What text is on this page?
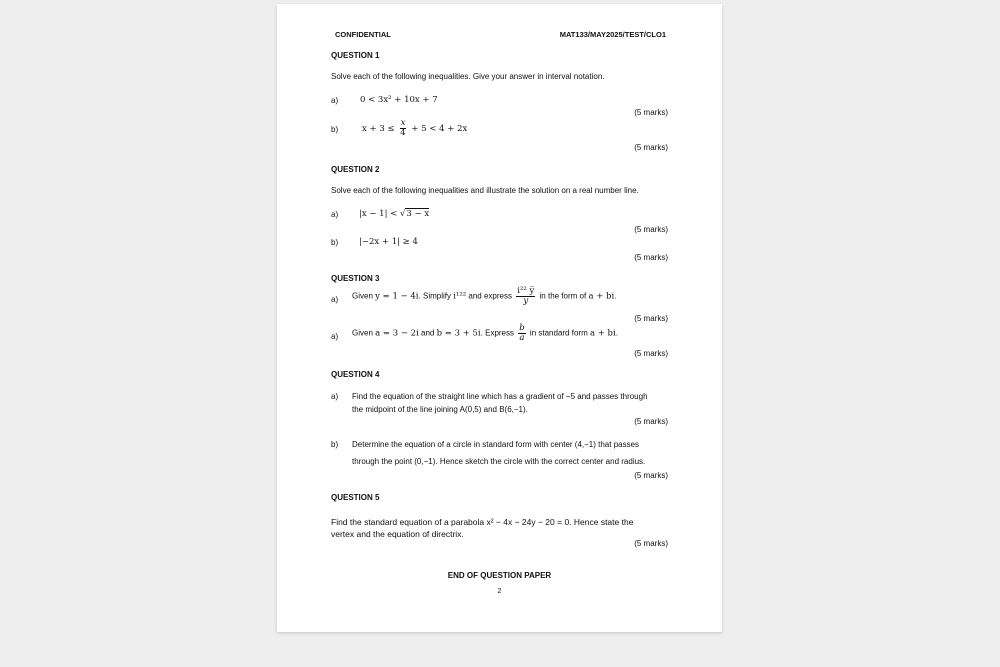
CONFIDENTIAL	MAT133/MAY2025/TEST/CLO1
QUESTION 1
Solve each of the following inequalities. Give your answer in interval notation.
a)	0 < 3x² + 10x + 7
(5 marks)
b)	$x + 3 \le \frac{x}{4} + 5 < 4 + 2x$
(5 marks)
QUESTION 2
Solve each of the following inequalities and illustrate the solution on a real number line.
a) |x − 1| < √3 − x
(5 marks)
b) |−2x + 1| ≥ 4
(5 marks)
QUESTION 3
a) Given y = 1 − 4i. Simplify i¹²² and express $\frac{\text{i²² y̅}}{y}$ in the form of a + bi.
(5 marks)
a) Given a = 3 − 2i and b = 3 + 5i. Express $\frac{b}{a}$ in standard form a + bi.
(5 marks)
QUESTION 4
a) Find the equation of the straight line which has a gradient of −5 and passes through
the midpoint of the line joining A(0,5) and B(6,−1).
(5 marks)
b) Determine the equation of a circle in standard form with center (4,−1) that passes
through the point (0,−1). Hence sketch the circle with the correct center and radius.
(5 marks)
QUESTION 5
Find the standard equation of a parabola x² − 4x − 24y − 20 = 0. Hence state the
vertex and the equation of directrix.
(5 marks)
END OF QUESTION PAPER
2
